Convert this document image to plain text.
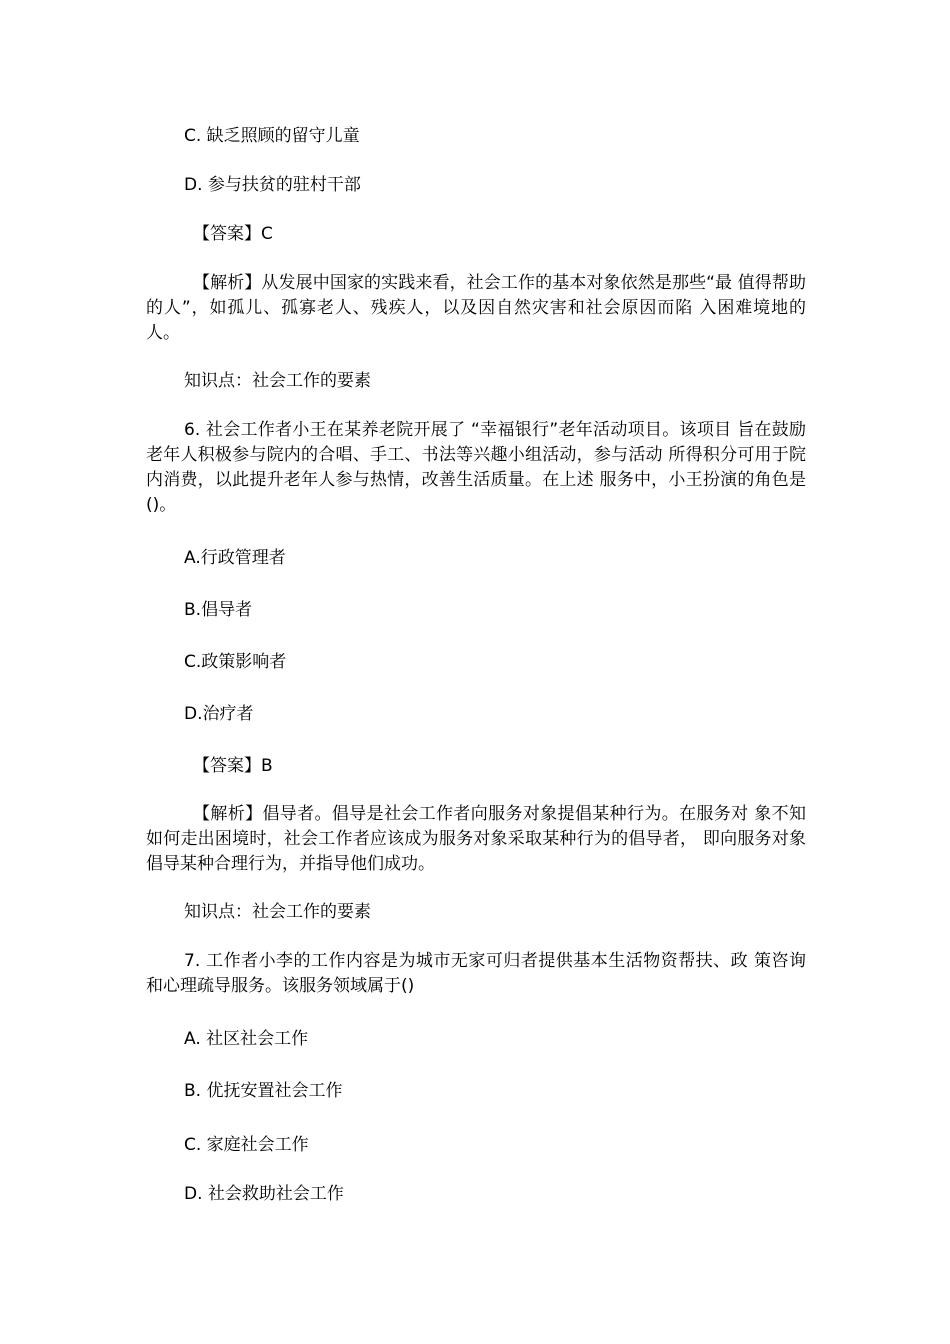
C. 缺乏照顾的留守儿童
D. 参与扶贫的驻村干部
【答案】C

【解析】从发展中国家的实践来看，社会工作的基本对象依然是那些“最 值得帮助的人”，如孤儿、孤寡老人、残疾人，以及因自然灾害和社会原因而陷 入困难境地的人。

知识点：社会工作的要素

6. 社会工作者小王在某养老院开展了 “幸福银行”老年活动项目。该项目 旨在鼓励老年人积极参与院内的合唱、手工、书法等兴趣小组活动，参与活动 所得积分可用于院内消费，以此提升老年人参与热情，改善生活质量。在上述 服务中，小王扮演的角色是()。

A.行政管理者
B.倡导者
C.政策影响者
D.治疗者
【答案】B

【解析】倡导者。倡导是社会工作者向服务对象提倡某种行为。在服务对 象不知如何走出困境时，社会工作者应该成为服务对象采取某种行为的倡导者， 即向服务对象倡导某种合理行为，并指导他们成功。

知识点：社会工作的要素

7. 工作者小李的工作内容是为城市无家可归者提供基本生活物资帮扶、政 策咨询和心理疏导服务。该服务领域属于()

A. 社区社会工作
B. 优抚安置社会工作
C. 家庭社会工作
D. 社会救助社会工作
